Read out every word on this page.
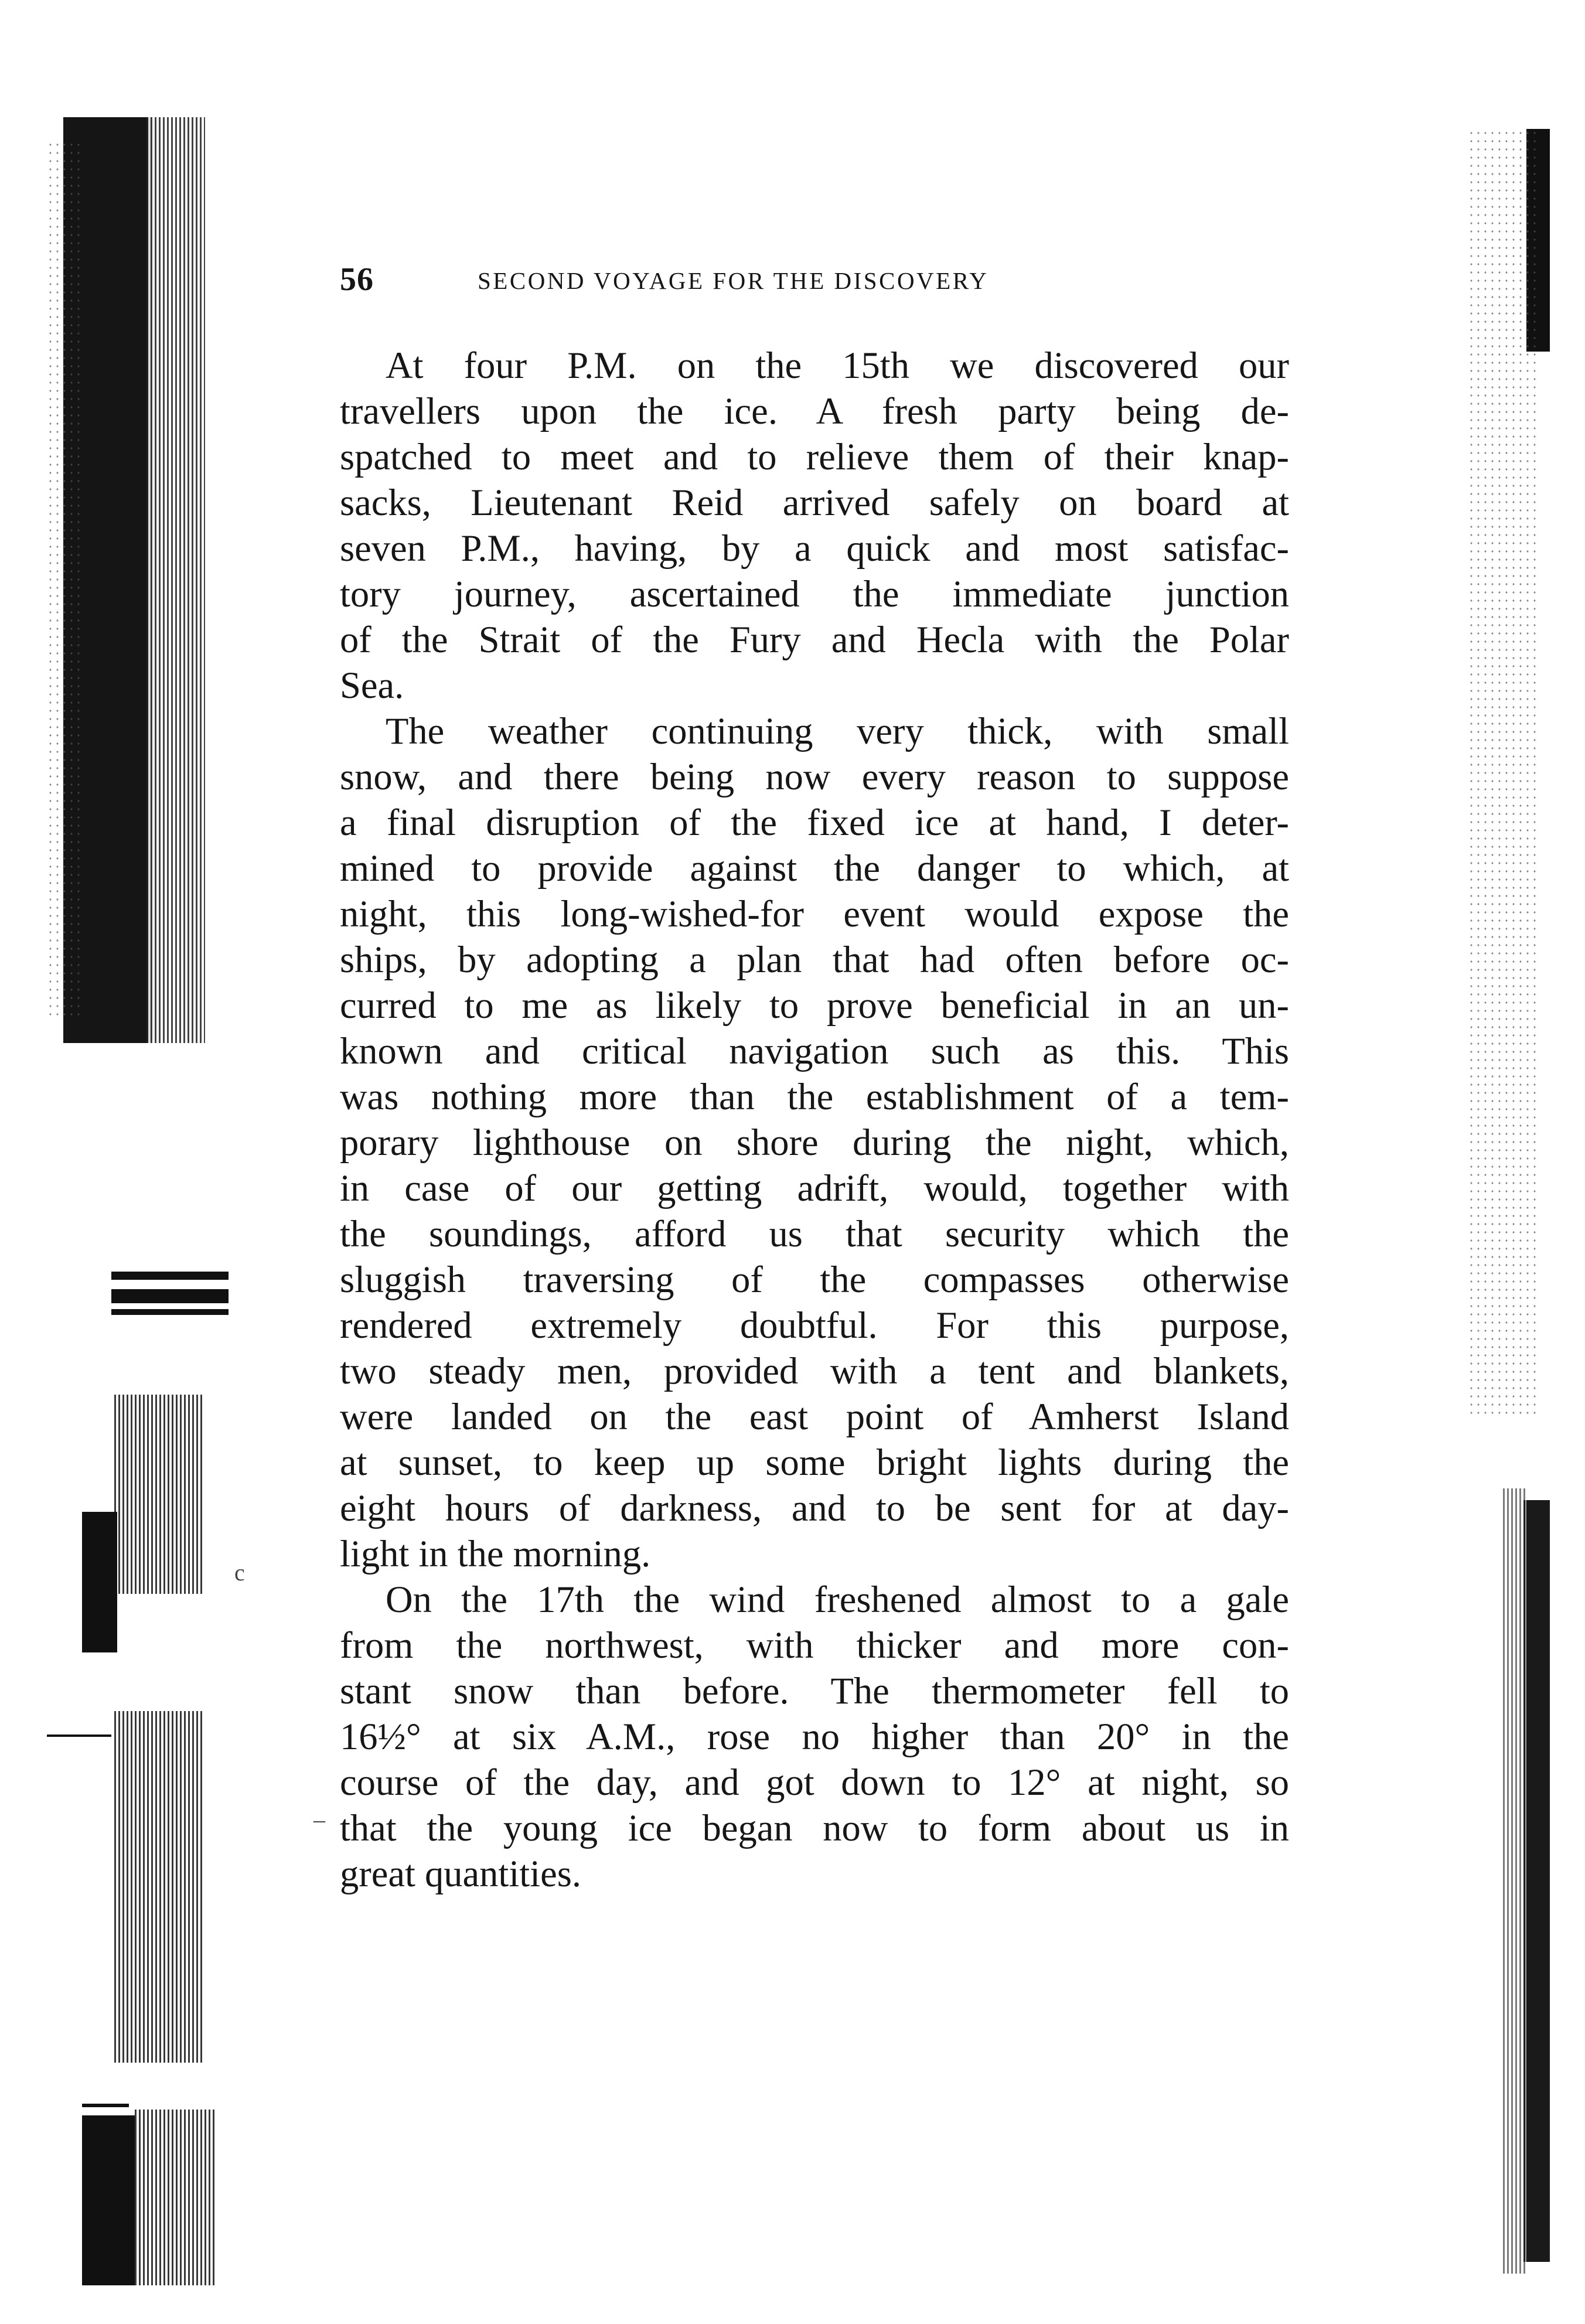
c
_
56	SECOND VOYAGE FOR THE DISCOVERY

At four P.M. on the 15th we discovered our
travellers upon the ice. A fresh party being de-
spatched to meet and to relieve them of their knap-
sacks, Lieutenant Reid arrived safely on board at
seven P.M., having, by a quick and most satisfac-
tory journey, ascertained the immediate junction
of the Strait of the Fury and Hecla with the Polar
Sea.

The weather continuing very thick, with small
snow, and there being now every reason to suppose
a final disruption of the fixed ice at hand, I deter-
mined to provide against the danger to which, at
night, this long-wished-for event would expose the
ships, by adopting a plan that had often before oc-
curred to me as likely to prove beneficial in an un-
known and critical navigation such as this. This
was nothing more than the establishment of a tem-
porary lighthouse on shore during the night, which,
in case of our getting adrift, would, together with
the soundings, afford us that security which the
sluggish traversing of the compasses otherwise
rendered extremely doubtful. For this purpose,
two steady men, provided with a tent and blankets,
were landed on the east point of Amherst Island
at sunset, to keep up some bright lights during the
eight hours of darkness, and to be sent for at day-
light in the morning.

On the 17th the wind freshened almost to a gale
from the northwest, with thicker and more con-
stant snow than before. The thermometer fell to
16½° at six A.M., rose no higher than 20° in the
course of the day, and got down to 12° at night, so
that the young ice began now to form about us in
great quantities.
